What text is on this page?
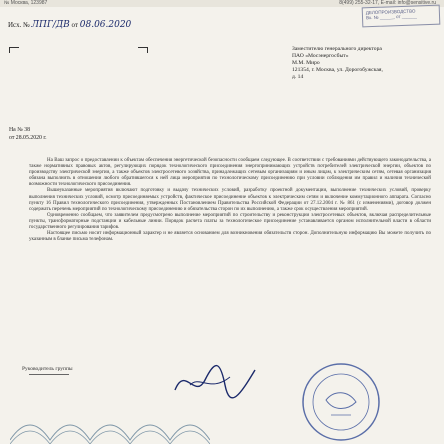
№ Москва, 123987	8(499) 255-32-17, E-mail: info@sensitive.ru
ДЕЛОПРОИЗВОДСТВО
Вх. № ______ от ______
Исх. № ЛПГ/ДВ от 08.06.2020
Заместителю генерального директора
ПАО «Мосэнергосбыт»
М.М. Миро
121354, г. Москва, ул. Дорогобужская,
д. 14
На № 38
от 28.05.2020 г.

На Ваш запрос о предоставлении к объектам обеспечения энергетической безопасности сообщаем следующее. В соответствии с требованиями действующего законодательства, а также нормативных правовых актов, регулирующих порядок технологического присоединения энергопринимающих устройств потребителей электрической энергии, объектов по производству электрической энергии, а также объектов электросетевого хозяйства, принадлежащих сетевым организациям и иным лицам, к электрическим сетям, сетевая организация обязана выполнить в отношении любого обратившегося к ней лица мероприятия по технологическому присоединению при условии соблюдения им правил и наличия технической возможности технологического присоединения.

Вышеуказанные мероприятия включают подготовку и выдачу технических условий, разработку проектной документации, выполнение технических условий, проверку выполнения технических условий, осмотр присоединяемых устройств, фактическое присоединение объектов к электрическим сетям и включение коммутационного аппарата. Согласно пункту 16 Правил технологического присоединения, утвержденных Постановлением Правительства Российской Федерации от 27.12.2004 г. № 861 (с изменениями), договор должен содержать перечень мероприятий по технологическому присоединению и обязательства сторон по их выполнению, а также срок осуществления мероприятий.

Одновременно сообщаем, что заявителем предусмотрено выполнение мероприятий по строительству и реконструкции электросетевых объектов, включая распределительные пункты, трансформаторные подстанции и кабельные линии. Порядок расчета платы за технологическое присоединение устанавливается органом исполнительной власти в области государственного регулирования тарифов.

Настоящее письмо носит информационный характер и не является основанием для возникновения обязательств сторон. Дополнительную информацию Вы можете получить по указанным в бланке письма телефонам.

Руководитель группы
